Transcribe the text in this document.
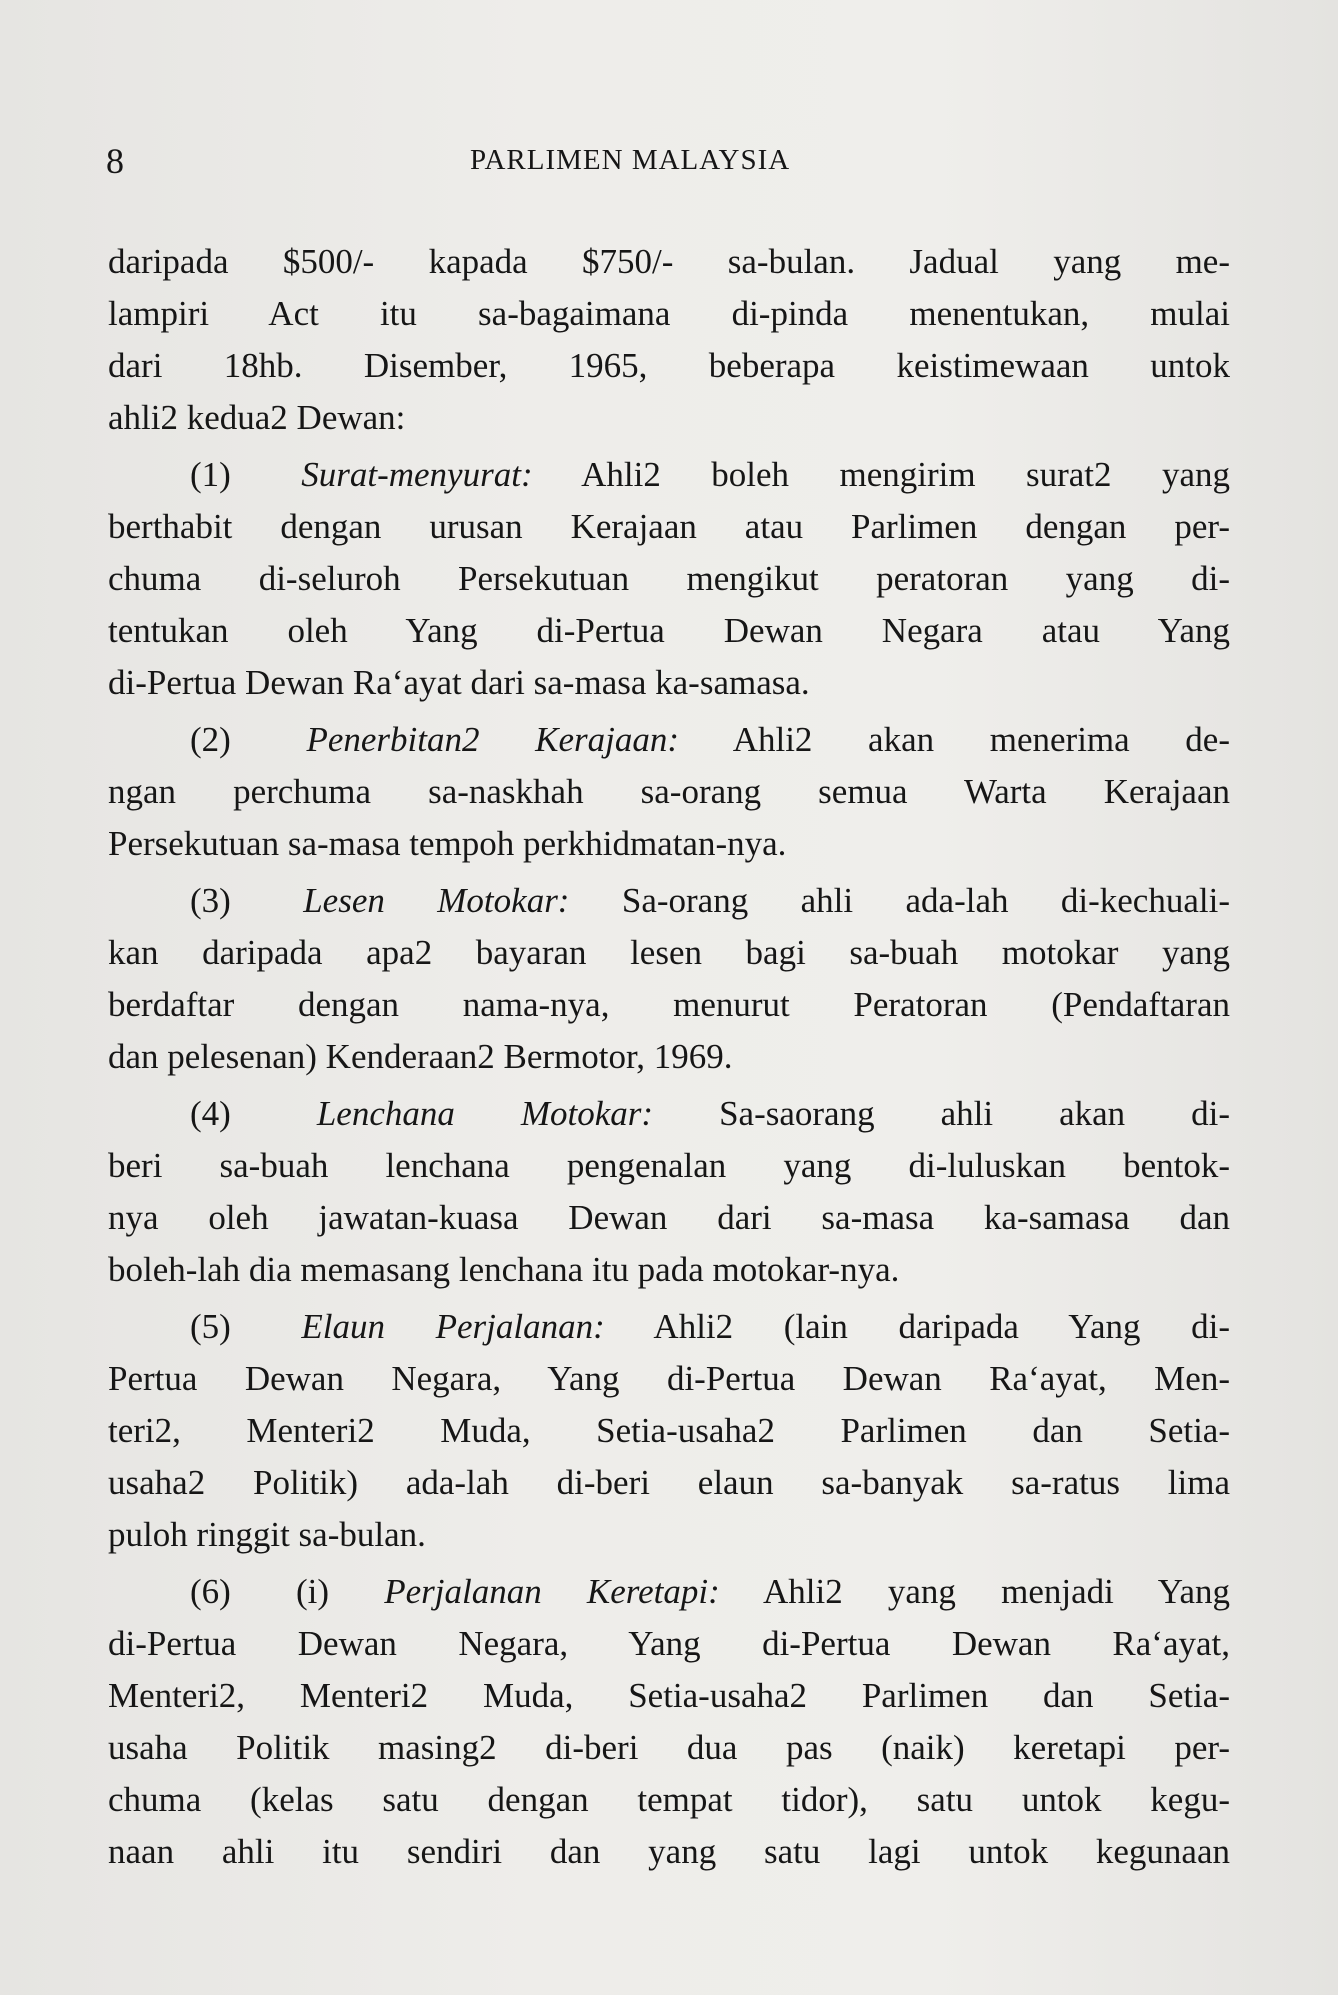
8	PARLIMEN MALAYSIA
daripada $500/- kapada $750/- sa-bulan. Jadual yang me-
lampiri Act itu sa-bagaimana di-pinda menentukan, mulai
dari 18hb. Disember, 1965, beberapa keistimewaan untok
ahli2 kedua2 Dewan:
(1) Surat-menyurat: Ahli2 boleh mengirim surat2 yang
berthabit dengan urusan Kerajaan atau Parlimen dengan per-
chuma di-seluroh Persekutuan mengikut peratoran yang di-
tentukan oleh Yang di-Pertua Dewan Negara atau Yang
di-Pertua Dewan Ra‘ayat dari sa-masa ka-samasa.
(2) Penerbitan2 Kerajaan: Ahli2 akan menerima de-
ngan perchuma sa-naskhah sa-orang semua Warta Kerajaan
Persekutuan sa-masa tempoh perkhidmatan-nya.
(3) Lesen Motokar: Sa-orang ahli ada-lah di-kechuali-
kan daripada apa2 bayaran lesen bagi sa-buah motokar yang
berdaftar dengan nama-nya, menurut Peratoran (Pendaftaran
dan pelesenan) Kenderaan2 Bermotor, 1969.
(4) Lenchana Motokar: Sa-saorang ahli akan di-
beri sa-buah lenchana pengenalan yang di-luluskan bentok-
nya oleh jawatan-kuasa Dewan dari sa-masa ka-samasa dan
boleh-lah dia memasang lenchana itu pada motokar-nya.
(5) Elaun Perjalanan: Ahli2 (lain daripada Yang di-
Pertua Dewan Negara, Yang di-Pertua Dewan Ra‘ayat, Men-
teri2, Menteri2 Muda, Setia-usaha2 Parlimen dan Setia-
usaha2 Politik) ada-lah di-beri elaun sa-banyak sa-ratus lima
puloh ringgit sa-bulan.
(6) (i) Perjalanan Keretapi: Ahli2 yang menjadi Yang
di-Pertua Dewan Negara, Yang di-Pertua Dewan Ra‘ayat,
Menteri2, Menteri2 Muda, Setia-usaha2 Parlimen dan Setia-
usaha Politik masing2 di-beri dua pas (naik) keretapi per-
chuma (kelas satu dengan tempat tidor), satu untok kegu-
naan ahli itu sendiri dan yang satu lagi untok kegunaan
